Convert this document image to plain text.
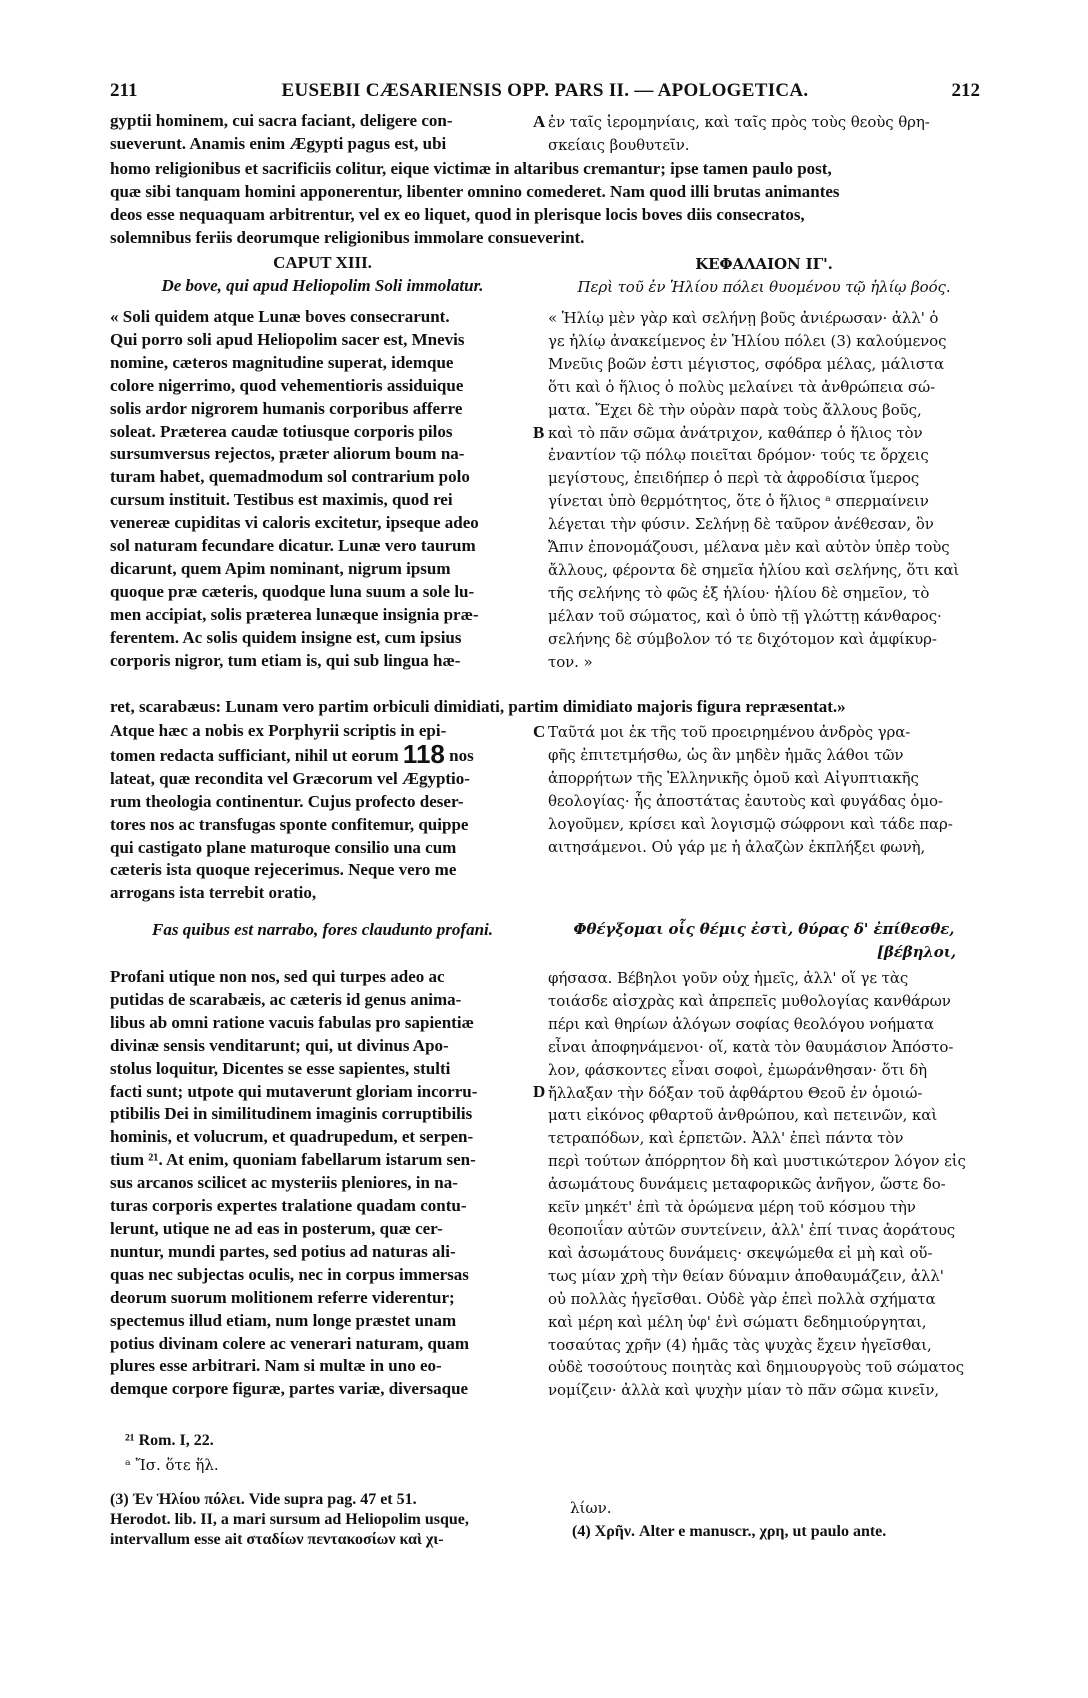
211	EUSEBII CÆSARIENSIS OPP. PARS II. — APOLOGETICA.	212

gyptii hominem, cui sacra faciant, deligere con-

sueverunt. Anamis enim Ægypti pagus est, ubi

A ἐν ταῖς ἱερομηνίαις, καὶ ταῖς πρὸς τοὺς θεοὺς θρη-

σκείαις βουθυτεῖν.

homo religionibus et sacrificiis colitur, eique victimæ in altaribus cremantur; ipse tamen paulo post,
quæ sibi tanquam homini apponerentur, libenter omnino comederet. Nam quod illi brutas animantes
deos esse nequaquam arbitrentur, vel ex eo liquet, quod in plerisque locis boves diis consecratos,
solemnibus feriis deorumque religionibus immolare consueverint.

CAPUT XIII.

De bove, qui apud Heliopolim Soli immolatur.

ΚΕΦΑΛΑΙΟΝ ΙΓ'.

Περὶ τοῦ ἐν Ἡλίου πόλει θυομένου τῷ ἡλίῳ βοός.

« Soli quidem atque Lunæ boves consecrarunt.

Qui porro soli apud Heliopolim sacer est, Mnevis

nomine, cæteros magnitudine superat, idemque

colore nigerrimo, quod vehementioris assiduique

solis ardor nigrorem humanis corporibus afferre

soleat. Præterea caudæ totiusque corporis pilos

sursumversus rejectos, præter aliorum boum na-

turam habet, quemadmodum sol contrarium polo

cursum instituit. Testibus est maximis, quod rei

venereæ cupiditas vi caloris excitetur, ipseque adeo

sol naturam fecundare dicatur. Lunæ vero taurum

dicarunt, quem Apim nominant, nigrum ipsum

quoque præ cæteris, quodque luna suum a sole lu-

men accipiat, solis præterea lunæque insignia præ-

ferentem. Ac solis quidem insigne est, cum ipsius

corporis nigror, tum etiam is, qui sub lingua hæ-

B

« Ἡλίῳ μὲν γὰρ καὶ σελήνῃ βοῦς ἀνιέρωσαν· ἀλλ' ὁ

γε ἡλίῳ ἀνακείμενος ἐν Ἡλίου πόλει (3) καλούμενος

Μνεῦις βοῶν ἐστι μέγιστος, σφόδρα μέλας, μάλιστα

ὅτι καὶ ὁ ἥλιος ὁ πολὺς μελαίνει τὰ ἀνθρώπεια σώ-

ματα. Ἔχει δὲ τὴν οὐρὰν παρὰ τοὺς ἄλλους βοῦς,

καὶ τὸ πᾶν σῶμα ἀνάτριχον, καθάπερ ὁ ἥλιος τὸν

ἐναντίον τῷ πόλῳ ποιεῖται δρόμον· τούς τε ὄρχεις

μεγίστους, ἐπειδήπερ ὁ περὶ τὰ ἀφροδίσια ἵμερος

γίνεται ὑπὸ θερμότητος, ὅτε ὁ ἥλιος ᵃ σπερμαίνειν

λέγεται τὴν φύσιν. Σελήνῃ δὲ ταῦρον ἀνέθεσαν, ὃν

Ἄπιν ἐπονομάζουσι, μέλανα μὲν καὶ αὐτὸν ὑπὲρ τοὺς

ἄλλους, φέροντα δὲ σημεῖα ἡλίου καὶ σελήνης, ὅτι καὶ

τῆς σελήνης τὸ φῶς ἐξ ἡλίου· ἡλίου δὲ σημεῖον, τὸ

μέλαν τοῦ σώματος, καὶ ὁ ὑπὸ τῇ γλώττῃ κάνθαρος·

σελήνης δὲ σύμβολον τό τε διχότομον καὶ ἀμφίκυρ-

τον. »

ret, scarabæus: Lunam vero partim orbiculi dimidiati, partim dimidiato majoris figura repræsentat.»

Atque hæc a nobis ex Porphyrii scriptis in epi-

tomen redacta sufficiant, nihil ut eorum 118 nos

lateat, quæ recondita vel Græcorum vel Ægyptio-

rum theologia continentur. Cujus profecto deser-

tores nos ac transfugas sponte confitemur, quippe

qui castigato plane maturoque consilio una cum

cæteris ista quoque rejecerimus. Neque vero me

arrogans ista terrebit oratio,

C Ταῦτά μοι ἐκ τῆς τοῦ προειρημένου ἀνδρὸς γρα-

φῆς ἐπιτετμήσθω, ὡς ἂν μηδὲν ἡμᾶς λάθοι τῶν

ἀπορρήτων τῆς Ἑλληνικῆς ὁμοῦ καὶ Αἰγυπτιακῆς

θεολογίας· ἧς ἀποστάτας ἑαυτοὺς καὶ φυγάδας ὁμο-

λογοῦμεν, κρίσει καὶ λογισμῷ σώφρονι καὶ τάδε παρ-

αιτησάμενοι. Οὐ γάρ με ἡ ἀλαζὼν ἐκπλήξει φωνὴ,

Fas quibus est narrabo, fores claudunto profani.	Φθέγξομαι οἷς θέμις ἐστὶ, θύρας δ' ἐπίθεσθε,

[βέβηλοι,

Profani utique non nos, sed qui turpes adeo ac

putidas de scarabæis, ac cæteris id genus anima-

libus ab omni ratione vacuis fabulas pro sapientiæ

divinæ sensis venditarunt; qui, ut divinus Apo-

stolus loquitur, Dicentes se esse sapientes, stulti

facti sunt; utpote qui mutaverunt gloriam incorru-

ptibilis Dei in similitudinem imaginis corruptibilis

hominis, et volucrum, et quadrupedum, et serpen-

tium ²¹. At enim, quoniam fabellarum istarum sen-

sus arcanos scilicet ac mysteriis pleniores, in na-

turas corporis expertes tralatione quadam contu-

lerunt, utique ne ad eas in posterum, quæ cer-

nuntur, mundi partes, sed potius ad naturas ali-

quas nec subjectas oculis, nec in corpus immersas

deorum suorum molitionem referre viderentur;

spectemus illud etiam, num longe præstet unam

potius divinam colere ac venerari naturam, quam

plures esse arbitrari. Nam si multæ in uno eo-

demque corpore figuræ, partes variæ, diversaque

D

φήσασα. Βέβηλοι γοῦν οὐχ ἡμεῖς, ἀλλ' οἵ γε τὰς

τοιάσδε αἰσχρὰς καὶ ἀπρεπεῖς μυθολογίας κανθάρων

πέρι καὶ θηρίων ἀλόγων σοφίας θεολόγου νοήματα

εἶναι ἀποφηνάμενοι· οἵ, κατὰ τὸν θαυμάσιον Ἀπόστο-

λον, φάσκοντες εἶναι σοφοὶ, ἐμωράνθησαν· ὅτι δὴ

ἤλλαξαν τὴν δόξαν τοῦ ἀφθάρτου Θεοῦ ἐν ὁμοιώ-

ματι εἰκόνος φθαρτοῦ ἀνθρώπου, καὶ πετεινῶν, καὶ

τετραπόδων, καὶ ἑρπετῶν. Ἀλλ' ἐπεὶ πάντα τὸν

περὶ τούτων ἀπόρρητον δὴ καὶ μυστικώτερον λόγον εἰς

ἀσωμάτους δυνάμεις μεταφορικῶς ἀνῆγον, ὥστε δο-

κεῖν μηκέτ' ἐπὶ τὰ ὁρώμενα μέρη τοῦ κόσμου τὴν

θεοποιΐαν αὐτῶν συντείνειν, ἀλλ' ἐπί τινας ἀοράτους

καὶ ἀσωμάτους δυνάμεις· σκεψώμεθα εἰ μὴ καὶ οὕ-

τως μίαν χρὴ τὴν θείαν δύναμιν ἀποθαυμάζειν, ἀλλ'

οὐ πολλὰς ἡγεῖσθαι. Οὐδὲ γὰρ ἐπεὶ πολλὰ σχήματα

καὶ μέρη καὶ μέλη ὑφ' ἑνὶ σώματι δεδημιούργηται,

τοσαύτας χρῆν (4) ἡμᾶς τὰς ψυχὰς ἔχειν ἡγεῖσθαι,

οὐδὲ τοσούτους ποιητὰς καὶ δημιουργοὺς τοῦ σώματος

νομίζειν· ἀλλὰ καὶ ψυχὴν μίαν τὸ πᾶν σῶμα κινεῖν,

²¹ Rom. I, 22.
ᵃ Ἴσ. ὅτε ἥλ.
(3) Ἐν Ἡλίου πόλει. Vide supra pag. 47 et 51.
Herodot. lib. II, a mari sursum ad Heliopolim usque,
intervallum esse ait σταδίων πεντακοσίων καὶ χι-
λίων.
(4) Χρῆν. Alter e manuscr., χρη, ut paulo ante.
